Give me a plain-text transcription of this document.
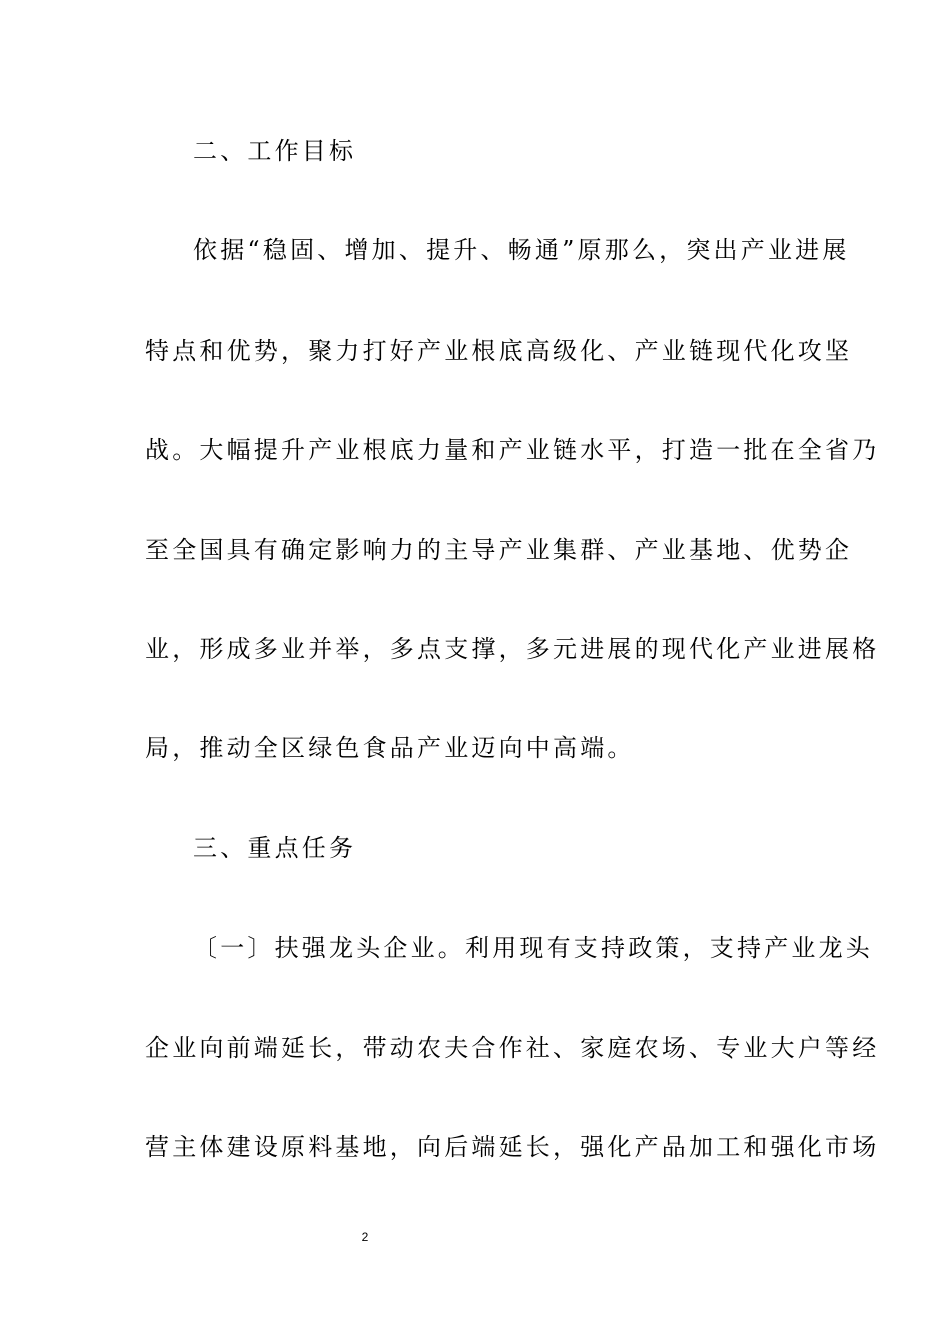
二、工作目标
依据“稳固、增加、提升、畅通”原那么，突出产业进展
特点和优势，聚力打好产业根底高级化、产业链现代化攻坚
战。大幅提升产业根底力量和产业链水平，打造一批在全省乃
至全国具有确定影响力的主导产业集群、产业基地、优势企
业，形成多业并举，多点支撑，多元进展的现代化产业进展格
局，推动全区绿色食品产业迈向中高端。
三、重点任务
〔一〕扶强龙头企业。利用现有支持政策，支持产业龙头
企业向前端延长，带动农夫合作社、家庭农场、专业大户等经
营主体建设原料基地，向后端延长，强化产品加工和强化市场
2
